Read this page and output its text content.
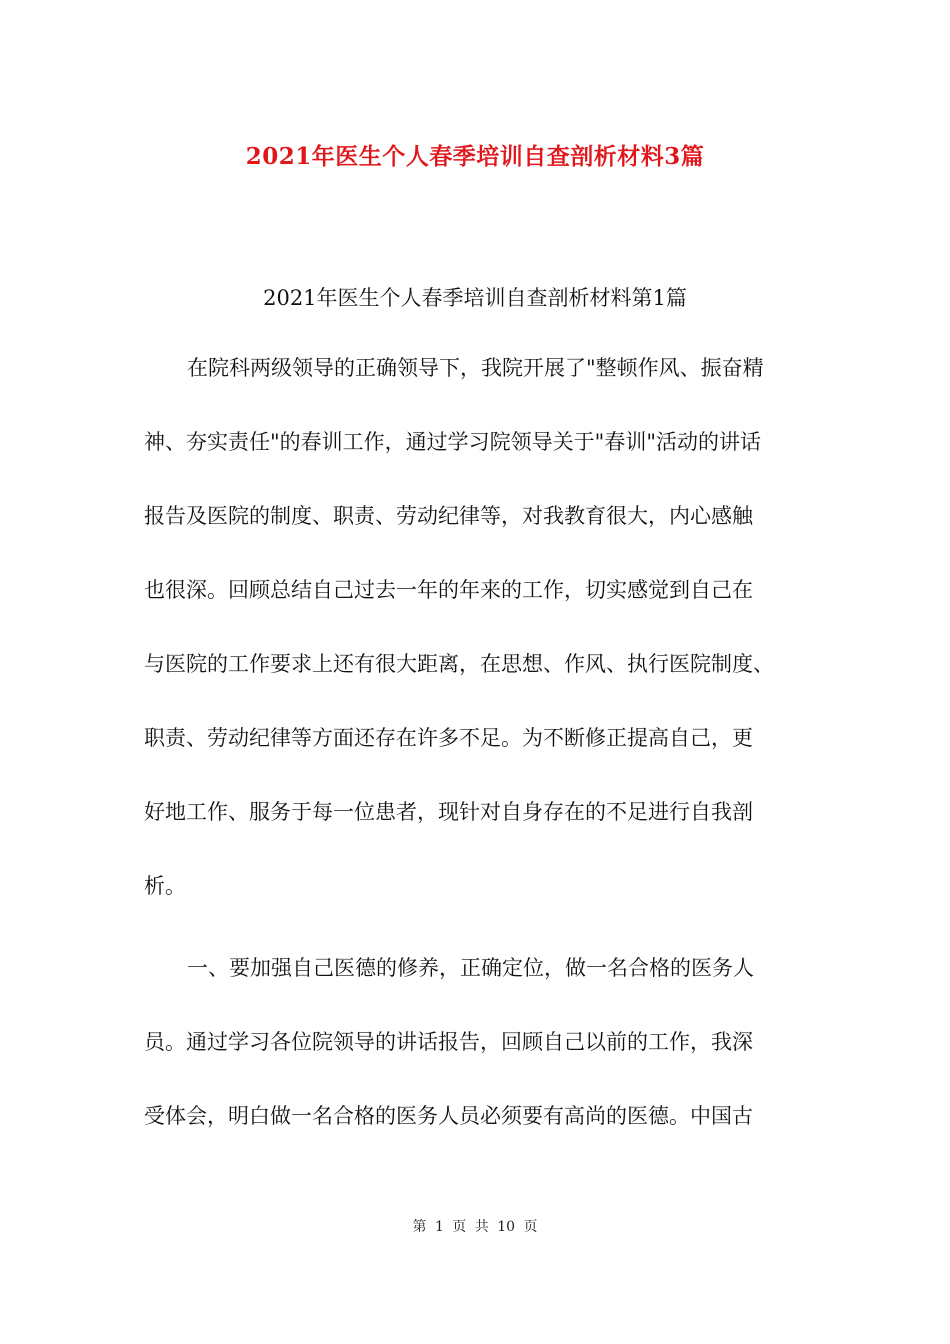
2021年医生个人春季培训自查剖析材料3篇
2021年医生个人春季培训自查剖析材料第1篇
在院科两级领导的正确领导下，我院开展了"整顿作风、振奋精
神、夯实责任"的春训工作，通过学习院领导关于"春训"活动的讲话
报告及医院的制度、职责、劳动纪律等，对我教育很大，内心感触
也很深。回顾总结自己过去一年的年来的工作，切实感觉到自己在
与医院的工作要求上还有很大距离，在思想、作风、执行医院制度、
职责、劳动纪律等方面还存在许多不足。为不断修正提高自己，更
好地工作、服务于每一位患者，现针对自身存在的不足进行自我剖
析。
一、要加强自己医德的修养，正确定位，做一名合格的医务人
员。通过学习各位院领导的讲话报告，回顾自己以前的工作，我深
受体会，明白做一名合格的医务人员必须要有高尚的医德。中国古
第 1 页 共 10 页
